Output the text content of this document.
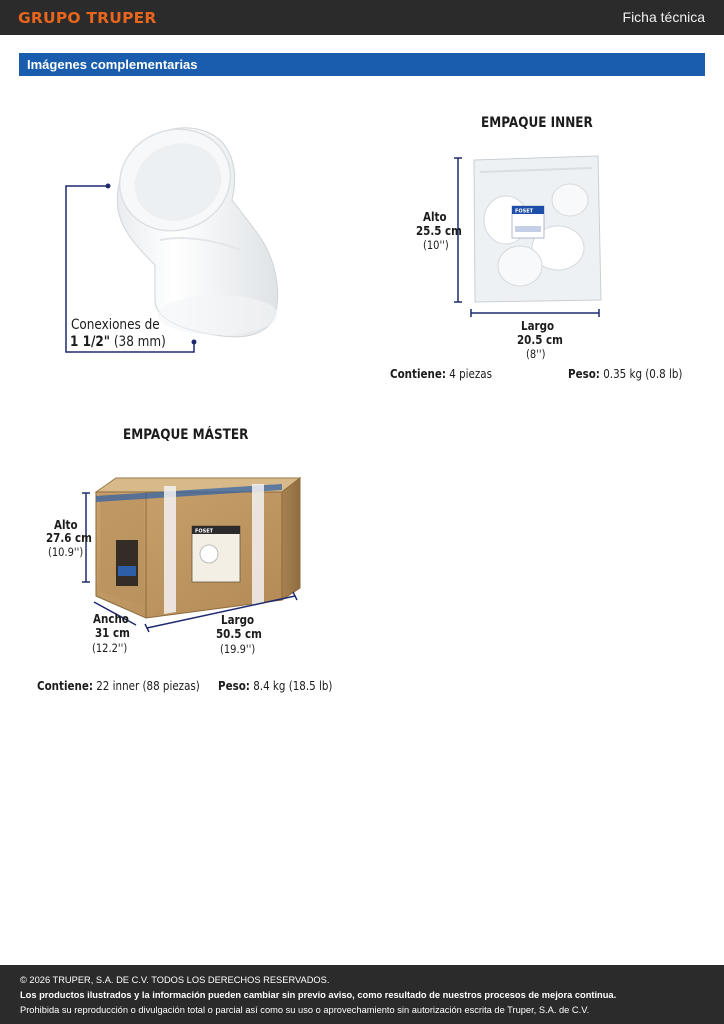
GRUPO TRUPER	Ficha técnica
Imágenes complementarias
FOSET
FOSET
Conexiones de
1 1/2" (38 mm)
EMPAQUE INNER
Alto
25.5 cm
(10'')
Largo
20.5 cm
(8'')
Contiene: 4 piezas	Peso: 0.35 kg (0.8 lb)
EMPAQUE MÁSTER
Alto
27.6 cm
(10.9'')
Ancho
31 cm
(12.2'')
Largo
50.5 cm
(19.9'')
Contiene: 22 inner (88 piezas) Peso: 8.4 kg (18.5 lb)
© 2026 TRUPER, S.A. DE C.V. TODOS LOS DERECHOS RESERVADOS.
Los productos ilustrados y la información pueden cambiar sin previo aviso, como resultado de nuestros procesos de mejora continua.
Prohibida su reproducción o divulgación total o parcial así como su uso o aprovechamiento sin autorización escrita de Truper, S.A. de C.V.
